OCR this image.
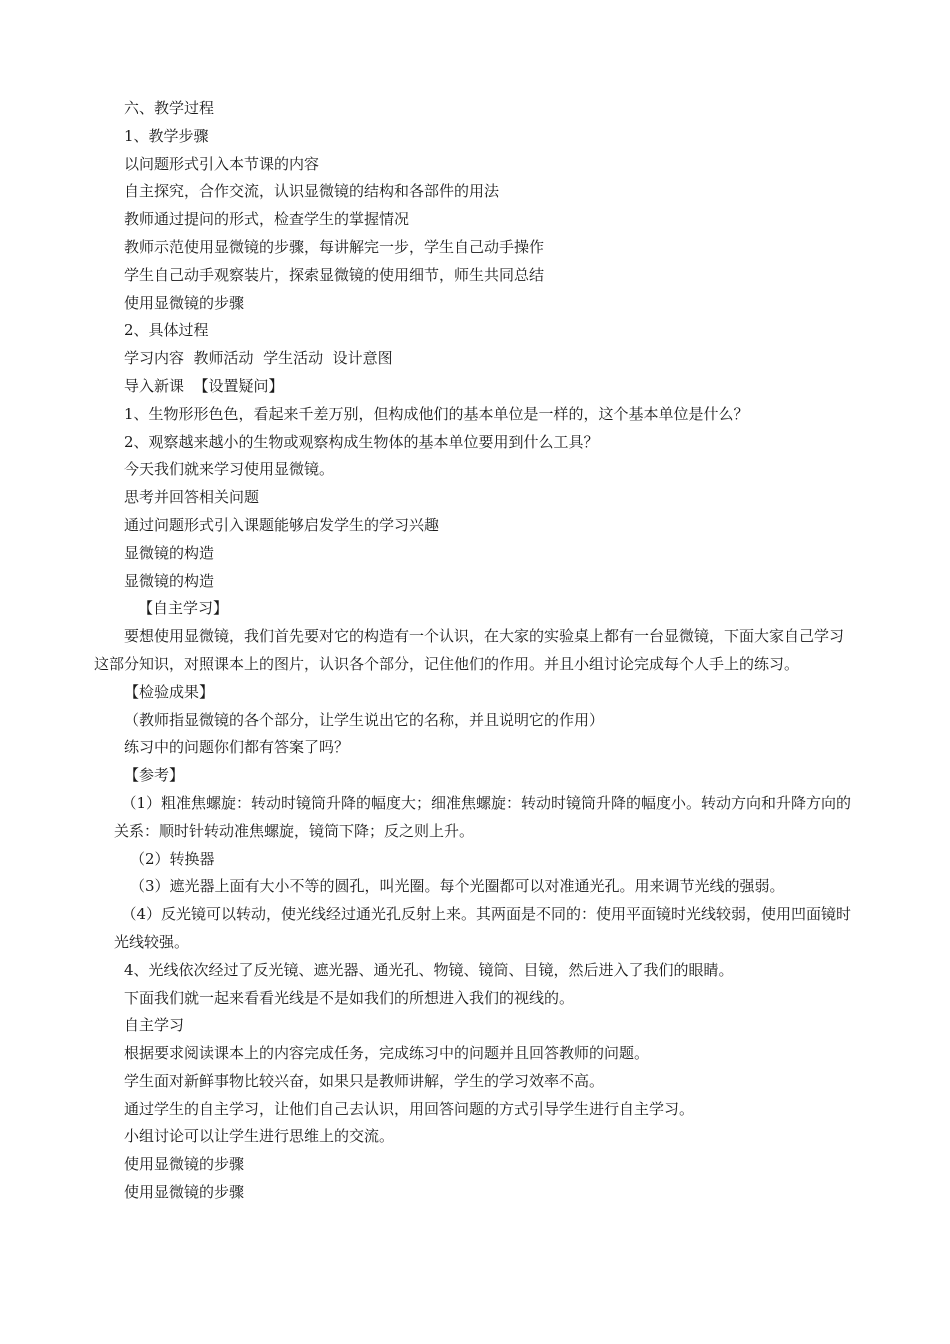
六、教学过程
1、教学步骤
以问题形式引入本节课的内容
自主探究，合作交流，认识显微镜的结构和各部件的用法
教师通过提问的形式，检查学生的掌握情况
教师示范使用显微镜的步骤，每讲解完一步，学生自己动手操作
学生自己动手观察装片，探索显微镜的使用细节，师生共同总结
使用显微镜的步骤
2、具体过程
学习内容  教师活动  学生活动  设计意图
导入新课  【设置疑问】
1、生物形形色色，看起来千差万别，但构成他们的基本单位是一样的，这个基本单位是什么？
2、观察越来越小的生物或观察构成生物体的基本单位要用到什么工具？
今天我们就来学习使用显微镜。
思考并回答相关问题
通过问题形式引入课题能够启发学生的学习兴趣
显微镜的构造
显微镜的构造
【自主学习】
要想使用显微镜，我们首先要对它的构造有一个认识，在大家的实验桌上都有一台显微镜，下面大家自己学习这部分知识，对照课本上的图片，认识各个部分，记住他们的作用。并且小组讨论完成每个人手上的练习。
【检验成果】
（教师指显微镜的各个部分，让学生说出它的名称，并且说明它的作用）
练习中的问题你们都有答案了吗？
【参考】
（1）粗准焦螺旋：转动时镜筒升降的幅度大；细准焦螺旋：转动时镜筒升降的幅度小。转动方向和升降方向的关系：顺时针转动准焦螺旋，镜筒下降；反之则上升。
（2）转换器
（3）遮光器上面有大小不等的圆孔，叫光圈。每个光圈都可以对准通光孔。用来调节光线的强弱。
（4）反光镜可以转动，使光线经过通光孔反射上来。其两面是不同的：使用平面镜时光线较弱，使用凹面镜时光线较强。
4、光线依次经过了反光镜、遮光器、通光孔、物镜、镜筒、目镜，然后进入了我们的眼睛。
下面我们就一起来看看光线是不是如我们的所想进入我们的视线的。
自主学习
根据要求阅读课本上的内容完成任务，完成练习中的问题并且回答教师的问题。
学生面对新鲜事物比较兴奋，如果只是教师讲解，学生的学习效率不高。
通过学生的自主学习，让他们自己去认识，用回答问题的方式引导学生进行自主学习。
小组讨论可以让学生进行思维上的交流。
使用显微镜的步骤
使用显微镜的步骤
